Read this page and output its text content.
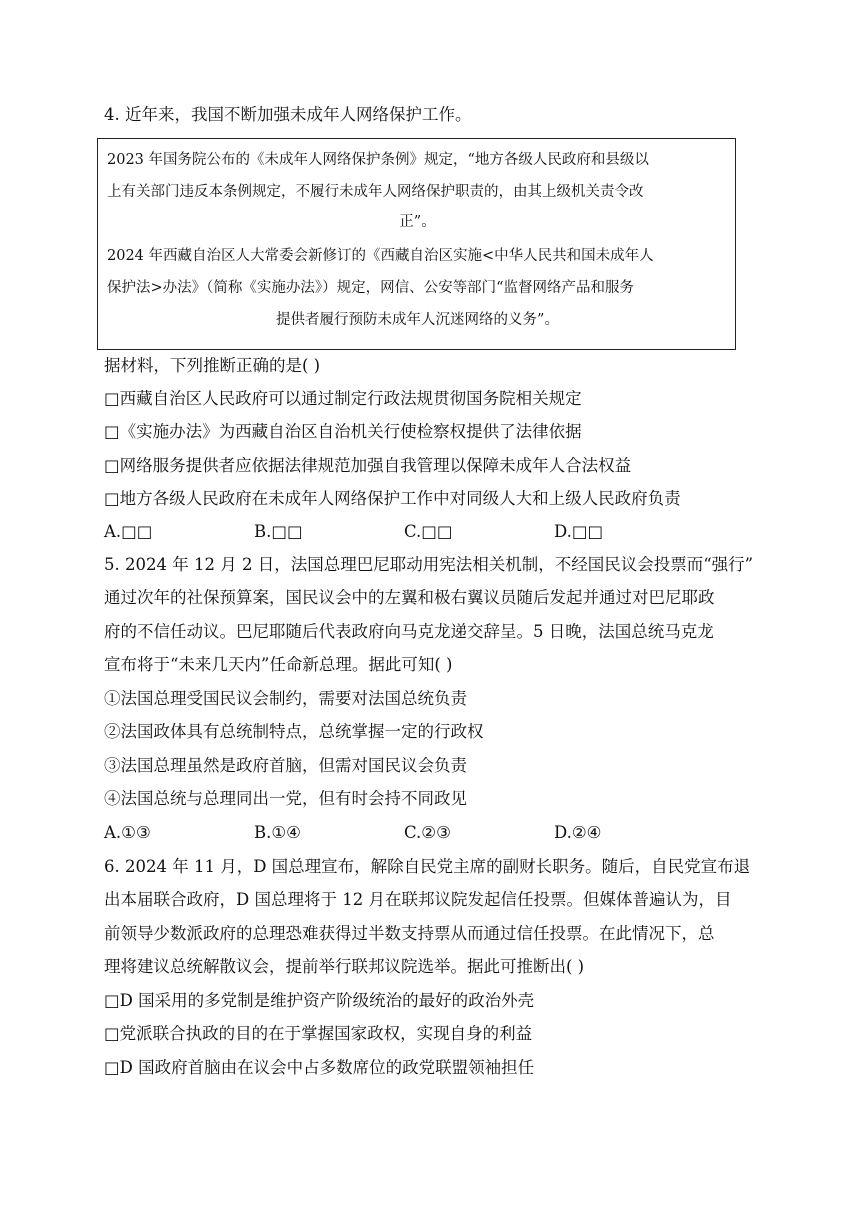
4. 近年来，我国不断加强未成年人网络保护工作。
2023 年国务院公布的《未成年人网络保护条例》规定，“地方各级人民政府和县级以
上有关部门违反本条例规定，不履行未成年人网络保护职责的，由其上级机关责令改
正”。
2024 年西藏自治区人大常委会新修订的《西藏自治区实施<中华人民共和国未成年人
保护法>办法》（简称《实施办法》）规定，网信、公安等部门“监督网络产品和服务
提供者履行预防未成年人沉迷网络的义务”。
据材料，下列推断正确的是( )
□西藏自治区人民政府可以通过制定行政法规贯彻国务院相关规定
□《实施办法》为西藏自治区自治机关行使检察权提供了法律依据
□网络服务提供者应依据法律规范加强自我管理以保障未成年人合法权益
□地方各级人民政府在未成年人网络保护工作中对同级人大和上级人民政府负责
A.□□	B.□□	C.□□	D.□□
5. 2024 年 12 月 2 日，法国总理巴尼耶动用宪法相关机制，不经国民议会投票而“强行”
通过次年的社保预算案，国民议会中的左翼和极右翼议员随后发起并通过对巴尼耶政
府的不信任动议。巴尼耶随后代表政府向马克龙递交辞呈。5 日晚，法国总统马克龙
宣布将于“未来几天内”任命新总理。据此可知( )
①法国总理受国民议会制约，需要对法国总统负责
②法国政体具有总统制特点，总统掌握一定的行政权
③法国总理虽然是政府首脑，但需对国民议会负责
④法国总统与总理同出一党，但有时会持不同政见
A.①③	B.①④	C.②③	D.②④
6. 2024 年 11 月，D 国总理宣布，解除自民党主席的副财长职务。随后，自民党宣布退
出本届联合政府，D 国总理将于 12 月在联邦议院发起信任投票。但媒体普遍认为，目
前领导少数派政府的总理恐难获得过半数支持票从而通过信任投票。在此情况下，总
理将建议总统解散议会，提前举行联邦议院选举。据此可推断出( )
□D 国采用的多党制是维护资产阶级统治的最好的政治外壳
□党派联合执政的目的在于掌握国家政权，实现自身的利益
□D 国政府首脑由在议会中占多数席位的政党联盟领袖担任
